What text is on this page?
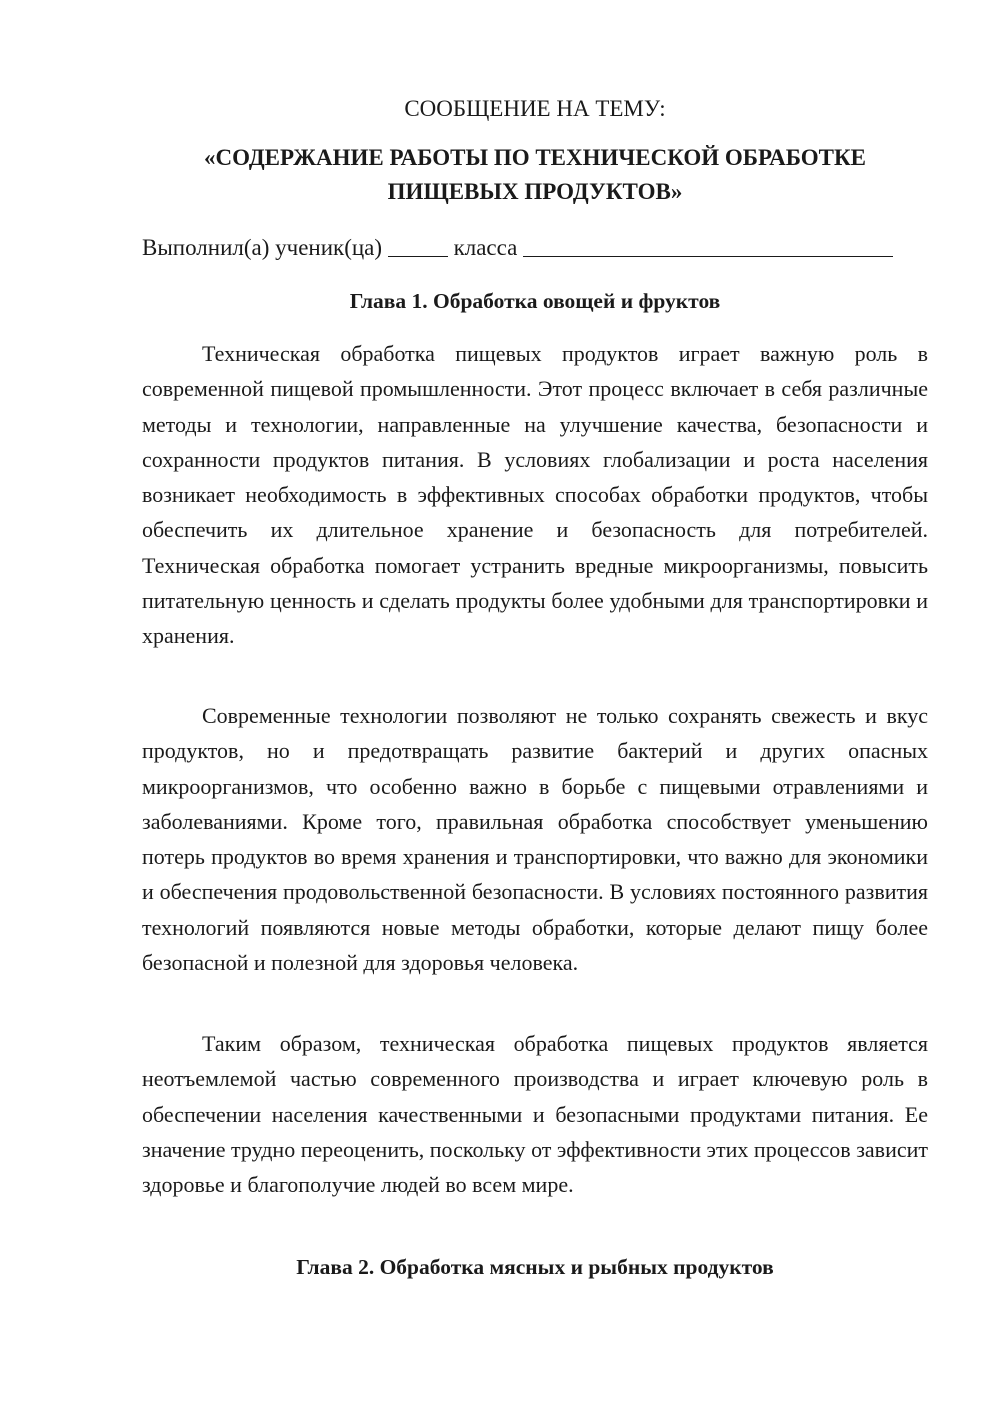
СООБЩЕНИЕ НА ТЕМУ:
«СОДЕРЖАНИЕ РАБОТЫ ПО ТЕХНИЧЕСКОЙ ОБРАБОТКЕ ПИЩЕВЫХ ПРОДУКТОВ»
Выполнил(а) ученик(ца)	класса
Глава 1. Обработка овощей и фруктов

Техническая обработка пищевых продуктов играет важную роль в современной пищевой промышленности. Этот процесс включает в себя различные методы и технологии, направленные на улучшение качества, безопасности и сохранности продуктов питания. В условиях глобализации и роста населения возникает необходимость в эффективных способах обработки продуктов, чтобы обеспечить их длительное хранение и безопасность для потребителей. Техническая обработка помогает устранить вредные микроорганизмы, повысить питательную ценность и сделать продукты более удобными для транспортировки и хранения.

Современные технологии позволяют не только сохранять свежесть и вкус продуктов, но и предотвращать развитие бактерий и других опасных микроорганизмов, что особенно важно в борьбе с пищевыми отравлениями и заболеваниями. Кроме того, правильная обработка способствует уменьшению потерь продуктов во время хранения и транспортировки, что важно для экономики и обеспечения продовольственной безопасности. В условиях постоянного развития технологий появляются новые методы обработки, которые делают пищу более безопасной и полезной для здоровья человека.

Таким образом, техническая обработка пищевых продуктов является неотъемлемой частью современного производства и играет ключевую роль в обеспечении населения качественными и безопасными продуктами питания. Ее значение трудно переоценить, поскольку от эффективности этих процессов зависит здоровье и благополучие людей во всем мире.

Глава 2. Обработка мясных и рыбных продуктов
